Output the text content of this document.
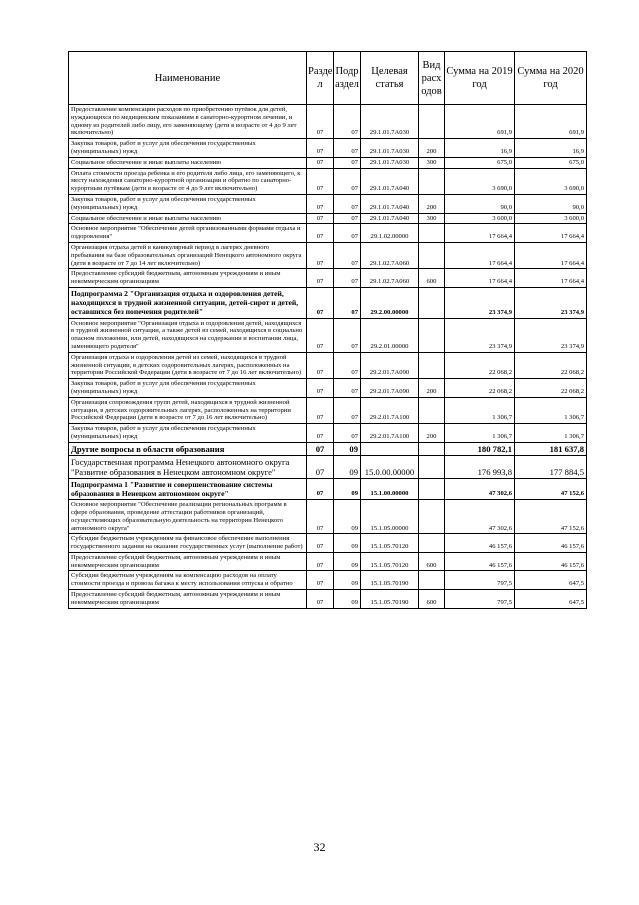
Наименование	Разде л	Подр аздел	Целевая статья	Вид расх одов	Сумма на 2019 год	Сумма на 2020 год
Предоставление компенсации расходов по приобретению путёвок для детей, нуждающихся по медицинским показаниям в санаторно-курортном лечении, и одному из родителей либо лицу, его заменяющему (дети в возрасте от 4 до 9 лет включительно)	07	07	29.1.01.7А030		691,9	691,9
Закупка товаров, работ и услуг для обеспечения государственных (муниципальных) нужд	07	07	29.1.01.7А030	200	16,9	16,9
Социальное обеспечение и иные выплаты населению	07	07	29.1.01.7А030	300	675,0	675,0
Оплата стоимости проезда ребенка и его родителя либо лица, его заменяющего, к месту нахождения санаторно-курортной организации и обратно по санаторно-курортным путёвкам (дети в возрасте от 4 до 9 лет включительно)	07	07	29.1.01.7А040		3 690,0	3 690,0
Закупка товаров, работ и услуг для обеспечения государственных (муниципальных) нужд	07	07	29.1.01.7А040	200	90,0	90,0
Социальное обеспечение и иные выплаты населению	07	07	29.1.01.7А040	300	3 600,0	3 600,0
Основное мероприятие "Обеспечение детей организованными формами отдыха и оздоровления"	07	07	29.1.02.00000		17 664,4	17 664,4
Организация отдыха детей в каникулярный период в лагерях дневного пребывания на базе образовательных организаций Ненецкого автономного округа (дети в возрасте от 7 до 14 лет включительно)	07	07	29.1.02.7А060		17 664,4	17 664,4
Предоставление субсидий бюджетным, автономным учреждениям и иным некоммерческим организациям	07	07	29.1.02.7А060	600	17 664,4	17 664,4
Подпрограмма 2 "Организация отдыха и оздоровления детей, находящихся в трудной жизненной ситуации, детей-сирот и детей, оставшихся без попечения родителей"	07	07	29.2.00.00000		23 374,9	23 374,9
Основное мероприятие "Организация отдыха и оздоровления детей, находящихся в трудной жизненной ситуации, а также детей из семей, находящихся в социально опасном положении, или детей, находящихся на содержании и воспитании лица, заменяющего родителя"	07	07	29.2.01.00000		23 374,9	23 374,9
Организация отдыха и оздоровления детей из семей, находящихся в трудной жизненной ситуации, в детских оздоровительных лагерях, расположенных на территории Российской Федерации (дети в возрасте от 7 до 16 лет включительно)	07	07	29.2.01.7А090		22 068,2	22 068,2
Закупка товаров, работ и услуг для обеспечения государственных (муниципальных) нужд	07	07	29.2.01.7А090	200	22 068,2	22 068,2
Организация сопровождения групп детей, находящихся в трудной жизненной ситуации, в детских оздоровительных лагерях, расположенных на территории Российской Федерации (дети в возрасте от 7 до 16 лет включительно)	07	07	29.2.01.7А100		1 306,7	1 306,7
Закупка товаров, работ и услуг для обеспечения государственных (муниципальных) нужд	07	07	29.2.01.7А100	200	1 306,7	1 306,7
Другие вопросы в области образования	07	09			180 782,1	181 637,8
Государственная программа Ненецкого автономного округа "Развитие образования в Ненецком автономном округе"	07	09	15.0.00.00000		176 993,8	177 884,5
Подпрограмма 1 "Развитие и совершенствование системы образования в Ненецком автономном округе"	07	09	15.1.00.00000		47 302,6	47 152,6
Основное мероприятие "Обеспечение реализации региональных программ в сфере образования, проведение аттестации работников организаций, осуществляющих образовательную деятельность на территории Ненецкого автономного округа"	07	09	15.1.05.00000		47 302,6	47 152,6
Субсидии бюджетным учреждениям на финансовое обеспечение выполнения государственного задания на оказание государственных услуг (выполнение работ)	07	09	15.1.05.70120		46 157,6	46 157,6
Предоставление субсидий бюджетным, автономным учреждениям и иным некоммерческим организациям	07	09	15.1.05.70120	600	46 157,6	46 157,6
Субсидии бюджетным учреждениям на компенсацию расходов на оплату стоимости проезда и провоза багажа к месту использования отпуска и обратно	07	09	15.1.05.70190		797,5	647,5
Предоставление субсидий бюджетным, автономным учреждениям и иным некоммерческим организациям	07	09	15.1.05.70190	600	797,5	647,5
32
